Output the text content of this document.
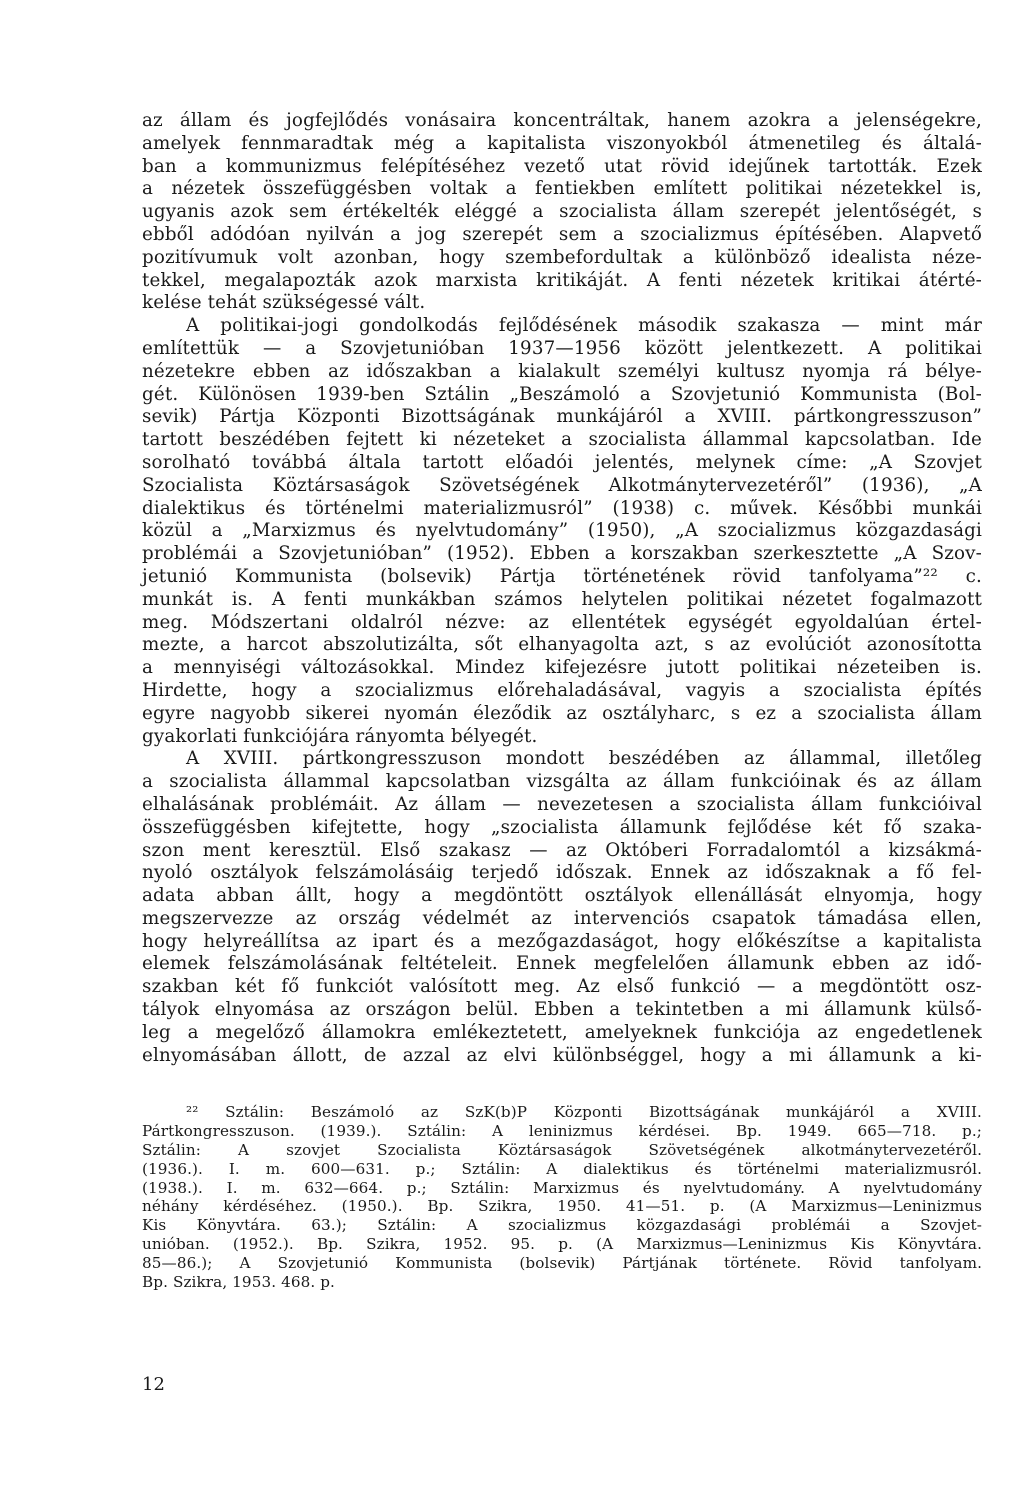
az állam és jogfejlődés vonásaira koncentráltak, hanem azokra a jelenségekre,

amelyek fennmaradtak még a kapitalista viszonyokból átmenetileg és általá-

ban a kommunizmus felépítéséhez vezető utat rövid idejűnek tartották. Ezek

a nézetek összefüggésben voltak a fentiekben említett politikai nézetekkel is,

ugyanis azok sem értékelték eléggé a szocialista állam szerepét jelentőségét, s

ebből adódóan nyilván a jog szerepét sem a szocializmus építésében. Alapvető

pozitívumuk volt azonban, hogy szembefordultak a különböző idealista néze-

tekkel, megalapozták azok marxista kritikáját. A fenti nézetek kritikai átérté-

kelése tehát szükségessé vált.

A politikai-jogi gondolkodás fejlődésének második szakasza — mint már

említettük — a Szovjetunióban 1937—1956 között jelentkezett. A politikai

nézetekre ebben az időszakban a kialakult személyi kultusz nyomja rá bélye-

gét. Különösen 1939-ben Sztálin „Beszámoló a Szovjetunió Kommunista (Bol-

sevik) Pártja Központi Bizottságának munkájáról a XVIII. pártkongresszuson”

tartott beszédében fejtett ki nézeteket a szocialista állammal kapcsolatban. Ide

sorolható továbbá általa tartott előadói jelentés, melynek címe: „A Szovjet

Szocialista Köztársaságok Szövetségének Alkotmánytervezetéről” (1936), „A

dialektikus és történelmi materializmusról” (1938) c. művek. Későbbi munkái

közül a „Marxizmus és nyelvtudomány” (1950), „A szocializmus közgazdasági

problémái a Szovjetunióban” (1952). Ebben a korszakban szerkesztette „A Szov-

jetunió Kommunista (bolsevik) Pártja történetének rövid tanfolyama”²² c.

munkát is. A fenti munkákban számos helytelen politikai nézetet fogalmazott

meg. Módszertani oldalról nézve: az ellentétek egységét egyoldalúan értel-

mezte, a harcot abszolutizálta, sőt elhanyagolta azt, s az evolúciót azonosította

a mennyiségi változásokkal. Mindez kifejezésre jutott politikai nézeteiben is.

Hirdette, hogy a szocializmus előrehaladásával, vagyis a szocialista építés

egyre nagyobb sikerei nyomán éleződik az osztályharc, s ez a szocialista állam

gyakorlati funkciójára rányomta bélyegét.

A XVIII. pártkongresszuson mondott beszédében az állammal, illetőleg

a szocialista állammal kapcsolatban vizsgálta az állam funkcióinak és az állam

elhalásának problémáit. Az állam — nevezetesen a szocialista állam funkcióival

összefüggésben kifejtette, hogy „szocialista államunk fejlődése két fő szaka-

szon ment keresztül. Első szakasz — az Októberi Forradalomtól a kizsákmá-

nyoló osztályok felszámolásáig terjedő időszak. Ennek az időszaknak a fő fel-

adata abban állt, hogy a megdöntött osztályok ellenállását elnyomja, hogy

megszervezze az ország védelmét az intervenciós csapatok támadása ellen,

hogy helyreállítsa az ipart és a mezőgazdaságot, hogy előkészítse a kapitalista

elemek felszámolásának feltételeit. Ennek megfelelően államunk ebben az idő-

szakban két fő funkciót valósított meg. Az első funkció — a megdöntött osz-

tályok elnyomása az országon belül. Ebben a tekintetben a mi államunk külső-

leg a megelőző államokra emlékeztetett, amelyeknek funkciója az engedetlenek

elnyomásában állott, de azzal az elvi különbséggel, hogy a mi államunk a ki-

²² Sztálin: Beszámoló az SzK(b)P Központi Bizottságának munkájáról a XVIII.

Pártkongresszuson. (1939.). Sztálin: A leninizmus kérdései. Bp. 1949. 665—718. p.;

Sztálin: A szovjet Szocialista Köztársaságok Szövetségének alkotmánytervezetéről.

(1936.). I. m. 600—631. p.; Sztálin: A dialektikus és történelmi materializmusról.

(1938.). I. m. 632—664. p.; Sztálin: Marxizmus és nyelvtudomány. A nyelvtudomány

néhány kérdéséhez. (1950.). Bp. Szikra, 1950. 41—51. p. (A Marxizmus—Leninizmus

Kis Könyvtára. 63.); Sztálin: A szocializmus közgazdasági problémái a Szovjet-

unióban. (1952.). Bp. Szikra, 1952. 95. p. (A Marxizmus—Leninizmus Kis Könyvtára.

85—86.); A Szovjetunió Kommunista (bolsevik) Pártjának története. Rövid tanfolyam.

Bp. Szikra, 1953. 468. p.

12
